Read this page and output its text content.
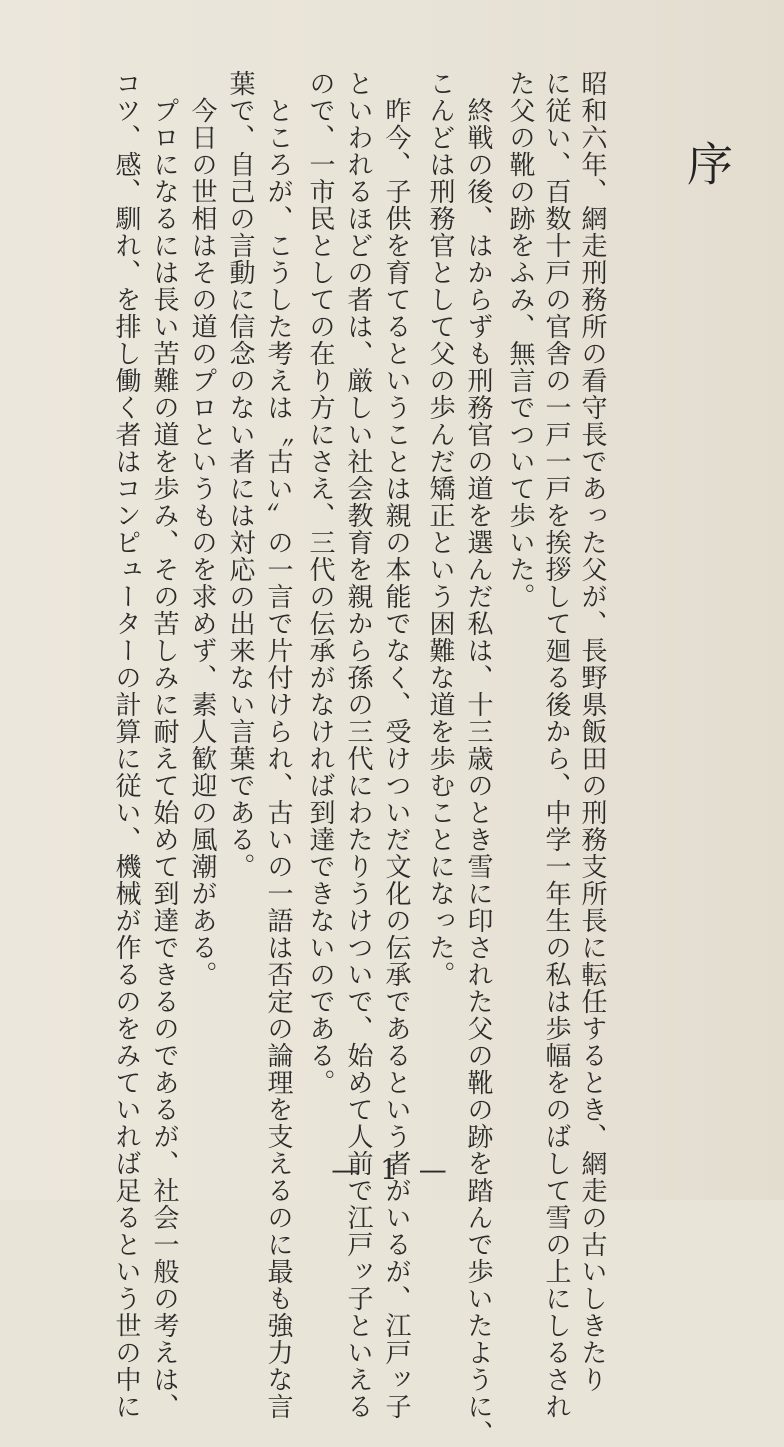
序
昭和六年、網走刑務所の看守長であった父が、長野県飯田の刑務支所長に転任するとき、網走の古いしきたり
に従い、百数十戸の官舎の一戸一戸を挨拶して廻る後から、中学一年生の私は歩幅をのばして雪の上にしるされ
た父の靴の跡をふみ、無言でついて歩いた。
　終戦の後、はからずも刑務官の道を選んだ私は、十三歳のとき雪に印された父の靴の跡を踏んで歩いたように、
こんどは刑務官として父の歩んだ矯正という困難な道を歩むことになった。
　昨今、子供を育てるということは親の本能でなく、受けついだ文化の伝承であるという者がいるが、江戸ッ子
といわれるほどの者は、厳しい社会教育を親から孫の三代にわたりうけついで、始めて人前で江戸ッ子といえる
ので、一市民としての在り方にさえ、三代の伝承がなければ到達できないのである。
　ところが、こうした考えは〝古い〟の一言で片付けられ、古いの一語は否定の論理を支えるのに最も強力な言
葉で、自己の言動に信念のない者には対応の出来ない言葉である。
　今日の世相はその道のプロというものを求めず、素人歓迎の風潮がある。
　プロになるには長い苦難の道を歩み、その苦しみに耐えて始めて到達できるのであるが、社会一般の考えは、
コツ、感、馴れ、を排し働く者はコンピューターの計算に従い、機械が作るのをみていれば足るという世の中に	— 1 —
